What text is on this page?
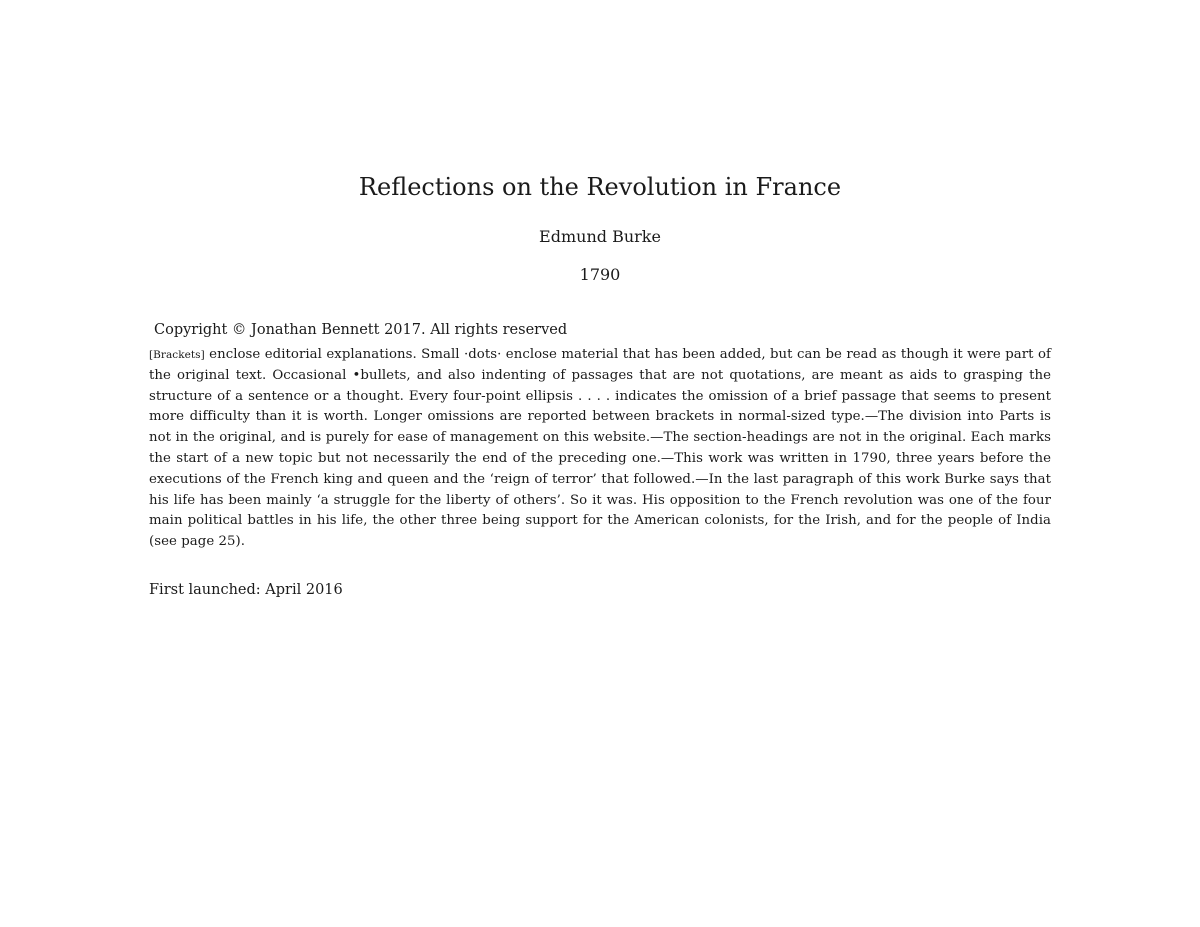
Reflections on the Revolution in France
Edmund Burke
1790
Copyright © Jonathan Bennett 2017. All rights reserved
[Brackets] enclose editorial explanations. Small ·dots· enclose material that has been added, but can be read as though it were part of the original text. Occasional •bullets, and also indenting of passages that are not quotations, are meant as aids to grasping the structure of a sentence or a thought. Every four-point ellipsis . . . . indicates the omission of a brief passage that seems to present more difficulty than it is worth. Longer omissions are reported between brackets in normal-sized type.—The division into Parts is not in the original, and is purely for ease of management on this website.—The section-headings are not in the original. Each marks the start of a new topic but not necessarily the end of the preceding one.—This work was written in 1790, three years before the executions of the French king and queen and the ‘reign of terror’ that followed.—In the last paragraph of this work Burke says that his life has been mainly ‘a struggle for the liberty of others’. So it was. His opposition to the French revolution was one of the four main political battles in his life, the other three being support for the American colonists, for the Irish, and for the people of India (see page 25).
First launched: April 2016
